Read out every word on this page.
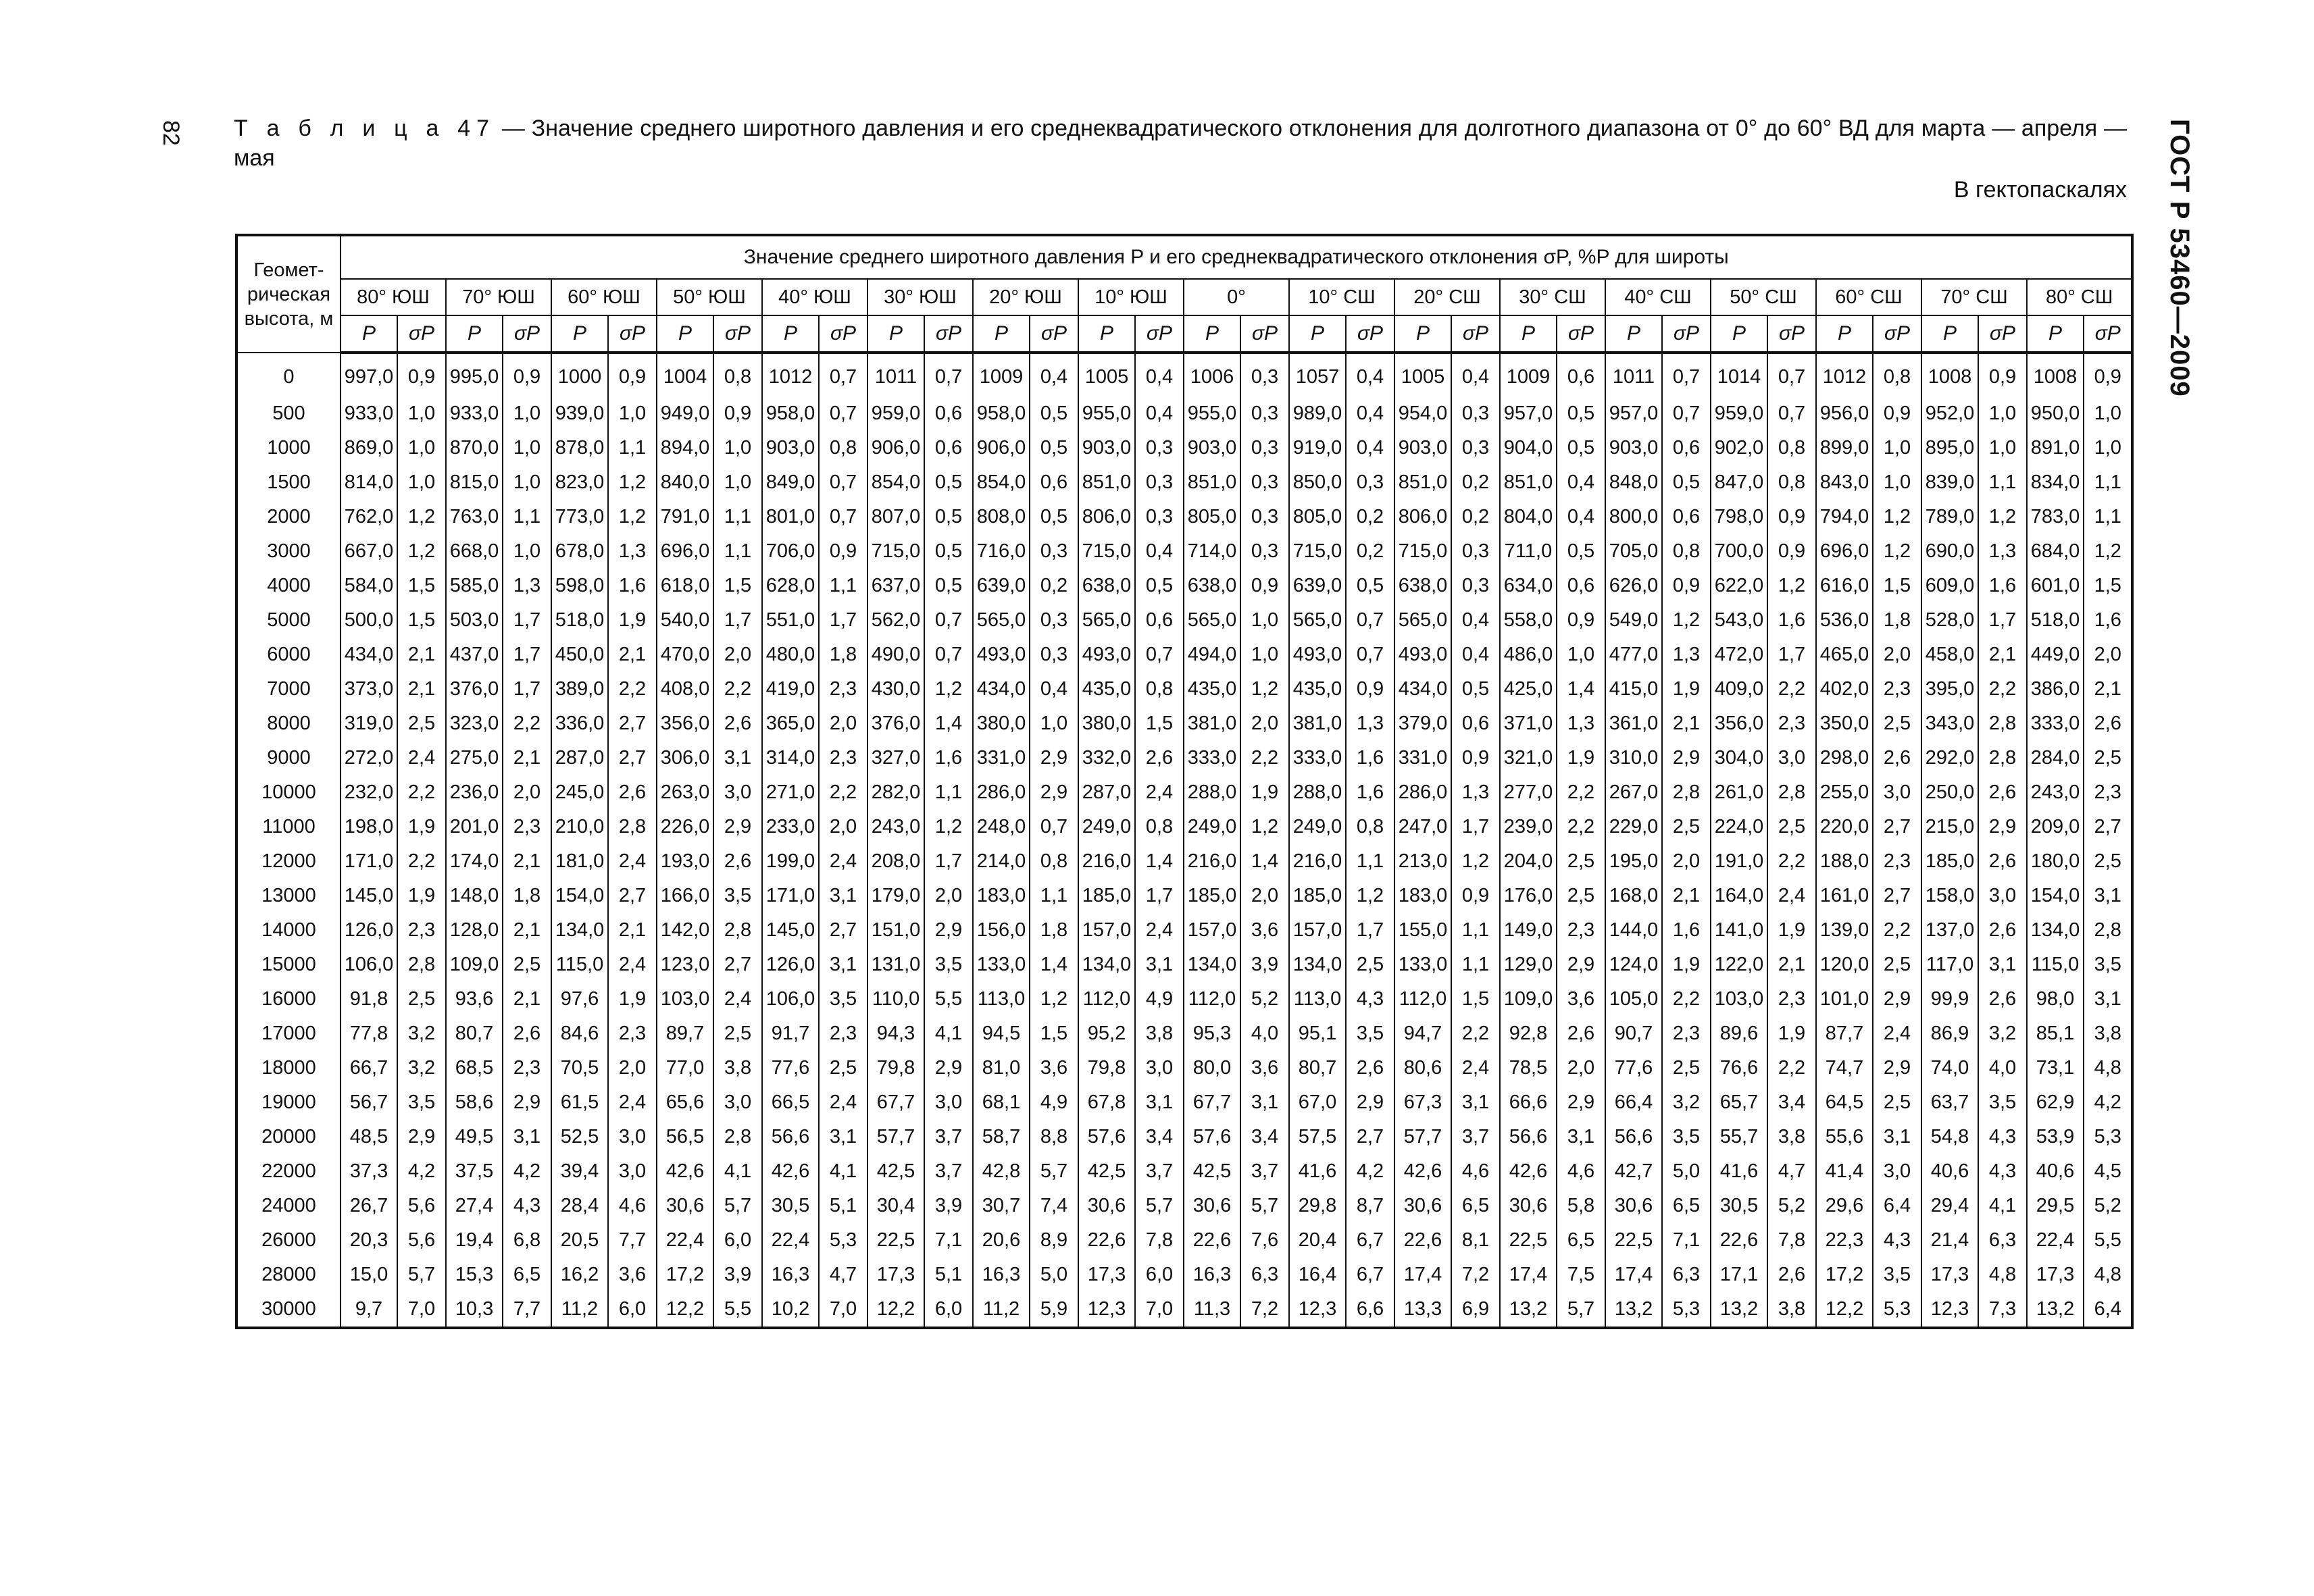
82	ГОСТ Р 53460—2009
Т а б л и ц а 47 — Значение среднего широтного давления и его среднеквадратического отклонения для долготного диапазона от 0° до 60° ВД для марта — апреля — мая
В гектопаскалях
Геомет-рическая высота, м	Значение среднего широтного давления P и его среднеквадратического отклонения σP, %P для широты																																	
	80° ЮШ		70° ЮШ		60° ЮШ		50° ЮШ		40° ЮШ		30° ЮШ		20° ЮШ		10° ЮШ		0°		10° СШ		20° СШ		30° СШ		40° СШ		50° СШ		60° СШ		70° СШ		80° СШ	
	P	σP	P	σP	P	σP	P	σP	P	σP	P	σP	P	σP	P	σP	P	σP	P	σP	P	σP	P	σP	P	σP	P	σP	P	σP	P	σP	P	σP
0	997,0	0,9	995,0	0,9	1000	0,9	1004	0,8	1012	0,7	1011	0,7	1009	0,4	1005	0,4	1006	0,3	1057	0,4	1005	0,4	1009	0,6	1011	0,7	1014	0,7	1012	0,8	1008	0,9	1008	0,9
500	933,0	1,0	933,0	1,0	939,0	1,0	949,0	0,9	958,0	0,7	959,0	0,6	958,0	0,5	955,0	0,4	955,0	0,3	989,0	0,4	954,0	0,3	957,0	0,5	957,0	0,7	959,0	0,7	956,0	0,9	952,0	1,0	950,0	1,0
1000	869,0	1,0	870,0	1,0	878,0	1,1	894,0	1,0	903,0	0,8	906,0	0,6	906,0	0,5	903,0	0,3	903,0	0,3	919,0	0,4	903,0	0,3	904,0	0,5	903,0	0,6	902,0	0,8	899,0	1,0	895,0	1,0	891,0	1,0
1500	814,0	1,0	815,0	1,0	823,0	1,2	840,0	1,0	849,0	0,7	854,0	0,5	854,0	0,6	851,0	0,3	851,0	0,3	850,0	0,3	851,0	0,2	851,0	0,4	848,0	0,5	847,0	0,8	843,0	1,0	839,0	1,1	834,0	1,1
2000	762,0	1,2	763,0	1,1	773,0	1,2	791,0	1,1	801,0	0,7	807,0	0,5	808,0	0,5	806,0	0,3	805,0	0,3	805,0	0,2	806,0	0,2	804,0	0,4	800,0	0,6	798,0	0,9	794,0	1,2	789,0	1,2	783,0	1,1
3000	667,0	1,2	668,0	1,0	678,0	1,3	696,0	1,1	706,0	0,9	715,0	0,5	716,0	0,3	715,0	0,4	714,0	0,3	715,0	0,2	715,0	0,3	711,0	0,5	705,0	0,8	700,0	0,9	696,0	1,2	690,0	1,3	684,0	1,2
4000	584,0	1,5	585,0	1,3	598,0	1,6	618,0	1,5	628,0	1,1	637,0	0,5	639,0	0,2	638,0	0,5	638,0	0,9	639,0	0,5	638,0	0,3	634,0	0,6	626,0	0,9	622,0	1,2	616,0	1,5	609,0	1,6	601,0	1,5
5000	500,0	1,5	503,0	1,7	518,0	1,9	540,0	1,7	551,0	1,7	562,0	0,7	565,0	0,3	565,0	0,6	565,0	1,0	565,0	0,7	565,0	0,4	558,0	0,9	549,0	1,2	543,0	1,6	536,0	1,8	528,0	1,7	518,0	1,6
6000	434,0	2,1	437,0	1,7	450,0	2,1	470,0	2,0	480,0	1,8	490,0	0,7	493,0	0,3	493,0	0,7	494,0	1,0	493,0	0,7	493,0	0,4	486,0	1,0	477,0	1,3	472,0	1,7	465,0	2,0	458,0	2,1	449,0	2,0
7000	373,0	2,1	376,0	1,7	389,0	2,2	408,0	2,2	419,0	2,3	430,0	1,2	434,0	0,4	435,0	0,8	435,0	1,2	435,0	0,9	434,0	0,5	425,0	1,4	415,0	1,9	409,0	2,2	402,0	2,3	395,0	2,2	386,0	2,1
8000	319,0	2,5	323,0	2,2	336,0	2,7	356,0	2,6	365,0	2,0	376,0	1,4	380,0	1,0	380,0	1,5	381,0	2,0	381,0	1,3	379,0	0,6	371,0	1,3	361,0	2,1	356,0	2,3	350,0	2,5	343,0	2,8	333,0	2,6
9000	272,0	2,4	275,0	2,1	287,0	2,7	306,0	3,1	314,0	2,3	327,0	1,6	331,0	2,9	332,0	2,6	333,0	2,2	333,0	1,6	331,0	0,9	321,0	1,9	310,0	2,9	304,0	3,0	298,0	2,6	292,0	2,8	284,0	2,5
10000	232,0	2,2	236,0	2,0	245,0	2,6	263,0	3,0	271,0	2,2	282,0	1,1	286,0	2,9	287,0	2,4	288,0	1,9	288,0	1,6	286,0	1,3	277,0	2,2	267,0	2,8	261,0	2,8	255,0	3,0	250,0	2,6	243,0	2,3
11000	198,0	1,9	201,0	2,3	210,0	2,8	226,0	2,9	233,0	2,0	243,0	1,2	248,0	0,7	249,0	0,8	249,0	1,2	249,0	0,8	247,0	1,7	239,0	2,2	229,0	2,5	224,0	2,5	220,0	2,7	215,0	2,9	209,0	2,7
12000	171,0	2,2	174,0	2,1	181,0	2,4	193,0	2,6	199,0	2,4	208,0	1,7	214,0	0,8	216,0	1,4	216,0	1,4	216,0	1,1	213,0	1,2	204,0	2,5	195,0	2,0	191,0	2,2	188,0	2,3	185,0	2,6	180,0	2,5
13000	145,0	1,9	148,0	1,8	154,0	2,7	166,0	3,5	171,0	3,1	179,0	2,0	183,0	1,1	185,0	1,7	185,0	2,0	185,0	1,2	183,0	0,9	176,0	2,5	168,0	2,1	164,0	2,4	161,0	2,7	158,0	3,0	154,0	3,1
14000	126,0	2,3	128,0	2,1	134,0	2,1	142,0	2,8	145,0	2,7	151,0	2,9	156,0	1,8	157,0	2,4	157,0	3,6	157,0	1,7	155,0	1,1	149,0	2,3	144,0	1,6	141,0	1,9	139,0	2,2	137,0	2,6	134,0	2,8
15000	106,0	2,8	109,0	2,5	115,0	2,4	123,0	2,7	126,0	3,1	131,0	3,5	133,0	1,4	134,0	3,1	134,0	3,9	134,0	2,5	133,0	1,1	129,0	2,9	124,0	1,9	122,0	2,1	120,0	2,5	117,0	3,1	115,0	3,5
16000	91,8	2,5	93,6	2,1	97,6	1,9	103,0	2,4	106,0	3,5	110,0	5,5	113,0	1,2	112,0	4,9	112,0	5,2	113,0	4,3	112,0	1,5	109,0	3,6	105,0	2,2	103,0	2,3	101,0	2,9	99,9	2,6	98,0	3,1
17000	77,8	3,2	80,7	2,6	84,6	2,3	89,7	2,5	91,7	2,3	94,3	4,1	94,5	1,5	95,2	3,8	95,3	4,0	95,1	3,5	94,7	2,2	92,8	2,6	90,7	2,3	89,6	1,9	87,7	2,4	86,9	3,2	85,1	3,8
18000	66,7	3,2	68,5	2,3	70,5	2,0	77,0	3,8	77,6	2,5	79,8	2,9	81,0	3,6	79,8	3,0	80,0	3,6	80,7	2,6	80,6	2,4	78,5	2,0	77,6	2,5	76,6	2,2	74,7	2,9	74,0	4,0	73,1	4,8
19000	56,7	3,5	58,6	2,9	61,5	2,4	65,6	3,0	66,5	2,4	67,7	3,0	68,1	4,9	67,8	3,1	67,7	3,1	67,0	2,9	67,3	3,1	66,6	2,9	66,4	3,2	65,7	3,4	64,5	2,5	63,7	3,5	62,9	4,2
20000	48,5	2,9	49,5	3,1	52,5	3,0	56,5	2,8	56,6	3,1	57,7	3,7	58,7	8,8	57,6	3,4	57,6	3,4	57,5	2,7	57,7	3,7	56,6	3,1	56,6	3,5	55,7	3,8	55,6	3,1	54,8	4,3	53,9	5,3
22000	37,3	4,2	37,5	4,2	39,4	3,0	42,6	4,1	42,6	4,1	42,5	3,7	42,8	5,7	42,5	3,7	42,5	3,7	41,6	4,2	42,6	4,6	42,6	4,6	42,7	5,0	41,6	4,7	41,4	3,0	40,6	4,3	40,6	4,5
24000	26,7	5,6	27,4	4,3	28,4	4,6	30,6	5,7	30,5	5,1	30,4	3,9	30,7	7,4	30,6	5,7	30,6	5,7	29,8	8,7	30,6	6,5	30,6	5,8	30,6	6,5	30,5	5,2	29,6	6,4	29,4	4,1	29,5	5,2
26000	20,3	5,6	19,4	6,8	20,5	7,7	22,4	6,0	22,4	5,3	22,5	7,1	20,6	8,9	22,6	7,8	22,6	7,6	20,4	6,7	22,6	8,1	22,5	6,5	22,5	7,1	22,6	7,8	22,3	4,3	21,4	6,3	22,4	5,5
28000	15,0	5,7	15,3	6,5	16,2	3,6	17,2	3,9	16,3	4,7	17,3	5,1	16,3	5,0	17,3	6,0	16,3	6,3	16,4	6,7	17,4	7,2	17,4	7,5	17,4	6,3	17,1	2,6	17,2	3,5	17,3	4,8	17,3	4,8
30000	9,7	7,0	10,3	7,7	11,2	6,0	12,2	5,5	10,2	7,0	12,2	6,0	11,2	5,9	12,3	7,0	11,3	7,2	12,3	6,6	13,3	6,9	13,2	5,7	13,2	5,3	13,2	3,8	12,2	5,3	12,3	7,3	13,2	6,4
